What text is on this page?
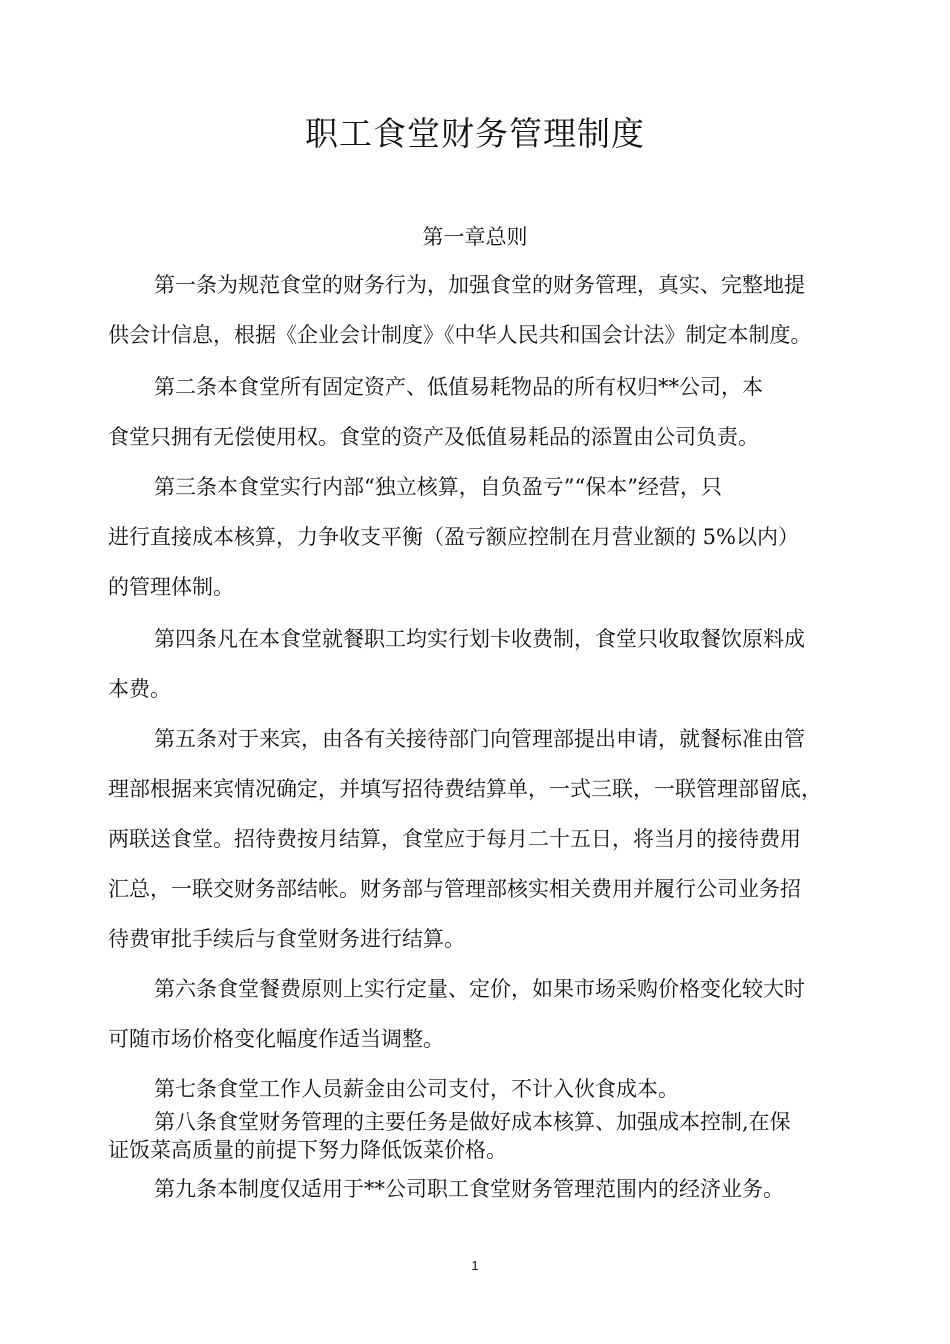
职工食堂财务管理制度

第一章总则

第一条为规范食堂的财务行为，加强食堂的财务管理，真实、完整地提

供会计信息，根据《企业会计制度》《中华人民共和国会计法》制定本制度。

第二条本食堂所有固定资产、低值易耗物品的所有权归**公司，本

食堂只拥有无偿使用权。食堂的资产及低值易耗品的添置由公司负责。

第三条本食堂实行内部“独立核算，自负盈亏”“保本”经营，只

进行直接成本核算，力争收支平衡（盈亏额应控制在月营业额的 5%以内）

的管理体制。

第四条凡在本食堂就餐职工均实行划卡收费制，食堂只收取餐饮原料成

本费。

第五条对于来宾，由各有关接待部门向管理部提出申请，就餐标准由管

理部根据来宾情况确定，并填写招待费结算单，一式三联，一联管理部留底，

两联送食堂。招待费按月结算，食堂应于每月二十五日，将当月的接待费用

汇总，一联交财务部结帐。财务部与管理部核实相关费用并履行公司业务招

待费审批手续后与食堂财务进行结算。

第六条食堂餐费原则上实行定量、定价，如果市场采购价格变化较大时

可随市场价格变化幅度作适当调整。

第七条食堂工作人员薪金由公司支付，不计入伙食成本。

第八条食堂财务管理的主要任务是做好成本核算、加强成本控制,在保

证饭菜高质量的前提下努力降低饭菜价格。

第九条本制度仅适用于**公司职工食堂财务管理范围内的经济业务。

1
